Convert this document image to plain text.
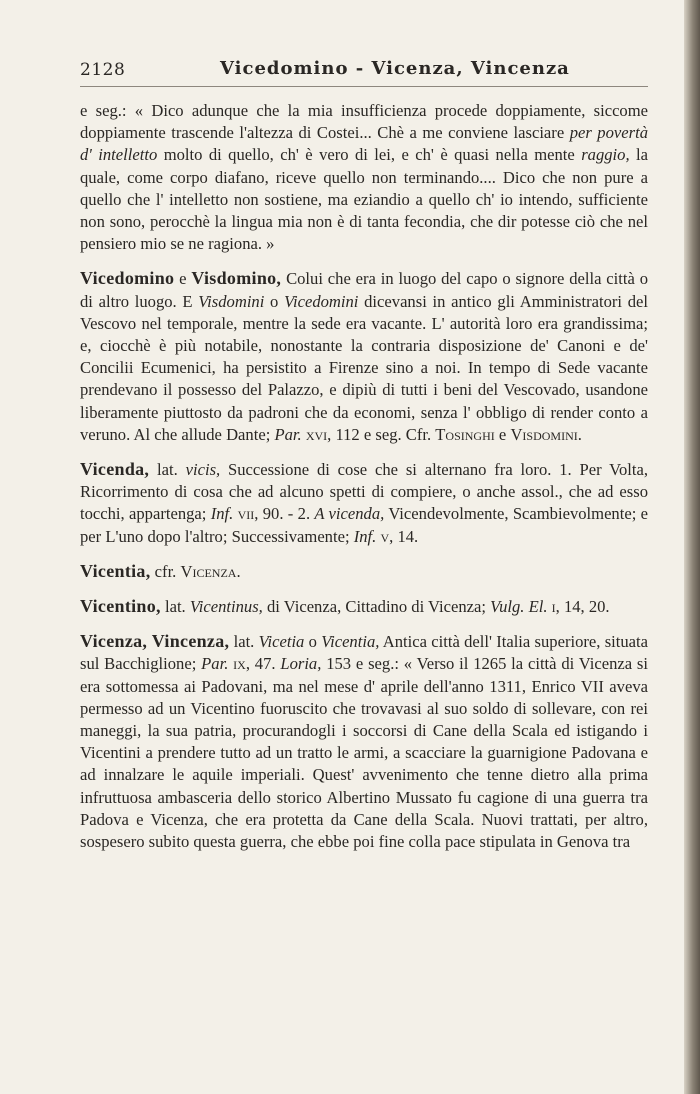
2128	Vicedomino - Vicenza, Vincenza

e seg.: « Dico adunque che la mia insufficienza procede doppiamente, siccome doppiamente trascende l'altezza di Costei... Chè a me conviene lasciare per povertà d' intelletto molto di quello, ch' è vero di lei, e ch' è quasi nella mente raggio, la quale, come corpo diafano, riceve quello non terminando.... Dico che non pure a quello che l' intelletto non sostiene, ma eziandio a quello ch' io intendo, sufficiente non sono, perocchè la lingua mia non è di tanta fecondia, che dir potesse ciò che nel pensiero mio se ne ragiona. »

Vicedomino e Visdomino, Colui che era in luogo del capo o signore della città o di altro luogo. E Visdomini o Vicedomini dicevansi in antico gli Amministratori del Vescovo nel temporale, mentre la sede era vacante. L' autorità loro era grandissima; e, ciocchè è più notabile, nonostante la contraria disposizione de' Canoni e de' Concilii Ecumenici, ha persistito a Firenze sino a noi. In tempo di Sede vacante prendevano il possesso del Palazzo, e dipiù di tutti i beni del Vescovado, usandone liberamente piuttosto da padroni che da economi, senza l' obbligo di render conto a veruno. Al che allude Dante; Par. xvi, 112 e seg. Cfr. Tosinghi e Visdomini.

Vicenda, lat. vicis, Successione di cose che si alternano fra loro. 1. Per Volta, Ricorrimento di cosa che ad alcuno spetti di compiere, o anche assol., che ad esso tocchi, appartenga; Inf. vii, 90. - 2. A vicenda, Vicendevolmente, Scambievolmente; e per L'uno dopo l'altro; Successivamente; Inf. v, 14.

Vicentia, cfr. Vicenza.

Vicentino, lat. Vicentinus, di Vicenza, Cittadino di Vicenza; Vulg. El. i, 14, 20.

Vicenza, Vincenza, lat. Vicetia o Vicentia, Antica città dell' Italia superiore, situata sul Bacchiglione; Par. ix, 47. Loria, 153 e seg.: « Verso il 1265 la città di Vicenza si era sottomessa ai Padovani, ma nel mese d' aprile dell'anno 1311, Enrico VII aveva permesso ad un Vicentino fuoruscito che trovavasi al suo soldo di sollevare, con rei maneggi, la sua patria, procurandogli i soccorsi di Cane della Scala ed istigando i Vicentini a prendere tutto ad un tratto le armi, a scacciare la guarnigione Padovana e ad innalzare le aquile imperiali. Quest' avvenimento che tenne dietro alla prima infruttuosa ambasceria dello storico Albertino Mussato fu cagione di una guerra tra Padova e Vicenza, che era protetta da Cane della Scala. Nuovi trattati, per altro, sospesero subito questa guerra, che ebbe poi fine colla pace stipulata in Genova tra
